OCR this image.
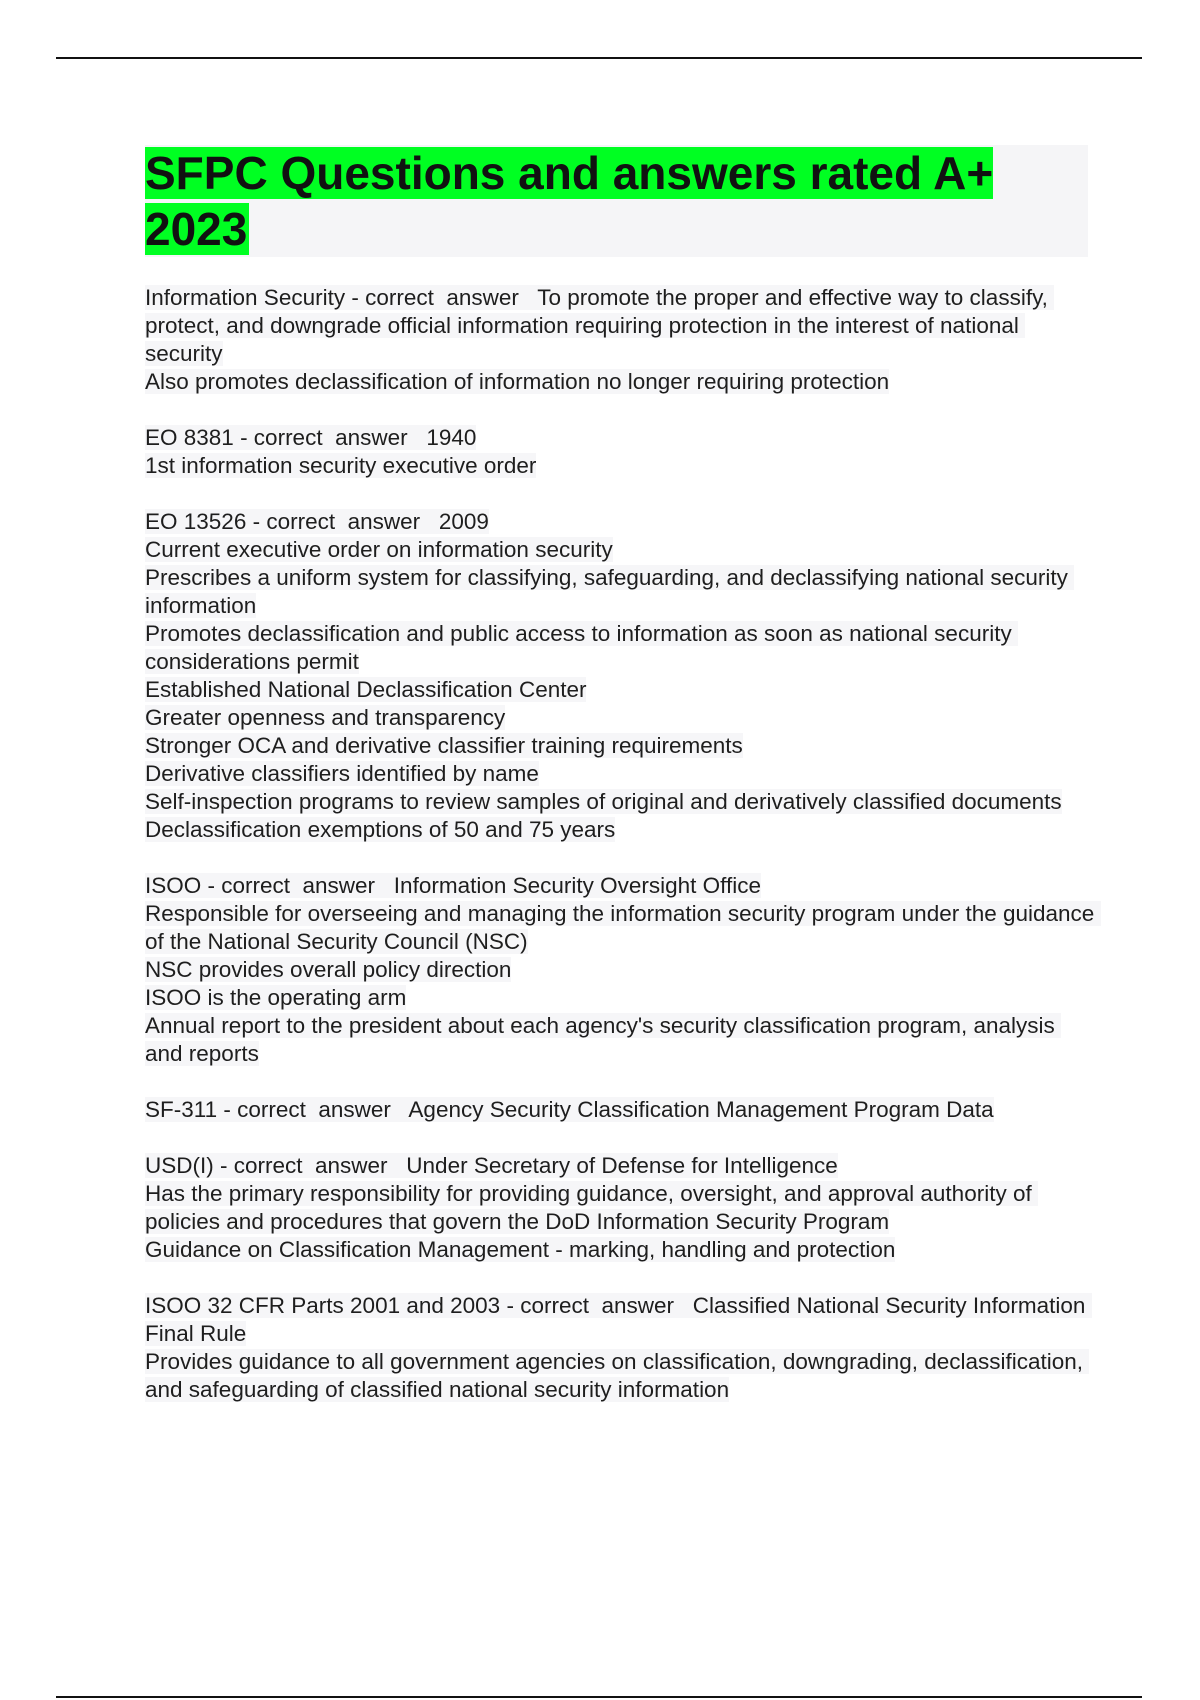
SFPC Questions and answers rated A+ 2023
Information Security - correct  answer   To promote the proper and effective way to classify, protect, and downgrade official information requiring protection in the interest of national security
Also promotes declassification of information no longer requiring protection
EO 8381 - correct  answer   1940
1st information security executive order
EO 13526 - correct  answer   2009
Current executive order on information security
Prescribes a uniform system for classifying, safeguarding, and declassifying national security information
Promotes declassification and public access to information as soon as national security considerations permit
Established National Declassification Center
Greater openness and transparency
Stronger OCA and derivative classifier training requirements
Derivative classifiers identified by name
Self-inspection programs to review samples of original and derivatively classified documents
Declassification exemptions of 50 and 75 years
ISOO - correct  answer   Information Security Oversight Office
Responsible for overseeing and managing the information security program under the guidance of the National Security Council (NSC)
NSC provides overall policy direction
ISOO is the operating arm
Annual report to the president about each agency's security classification program, analysis and reports
SF-311 - correct  answer   Agency Security Classification Management Program Data
USD(I) - correct  answer   Under Secretary of Defense for Intelligence
Has the primary responsibility for providing guidance, oversight, and approval authority of policies and procedures that govern the DoD Information Security Program
Guidance on Classification Management - marking, handling and protection
ISOO 32 CFR Parts 2001 and 2003 - correct  answer   Classified National Security Information Final Rule
Provides guidance to all government agencies on classification, downgrading, declassification, and safeguarding of classified national security information
